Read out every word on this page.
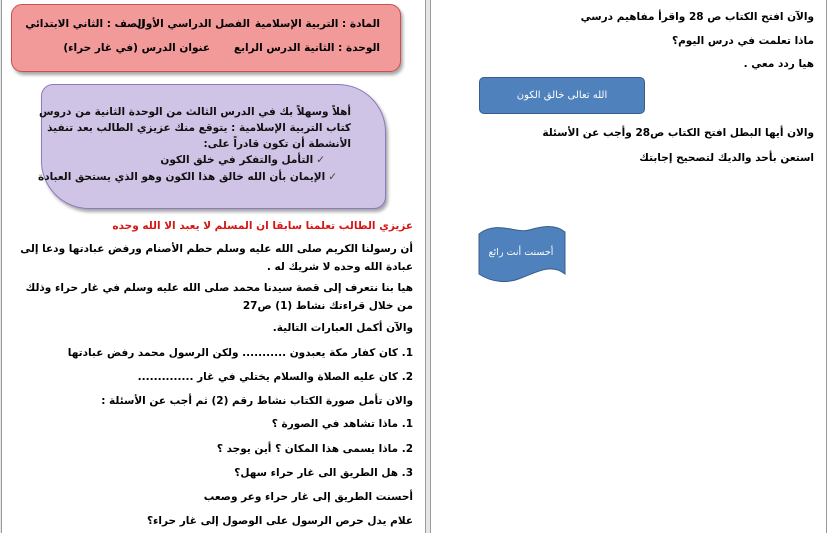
المادة : التربية الإسلامية
الفصل الدراسي الأول
الصف : الثاني الابتدائي
الوحدة : الثانية الدرس الرابع
عنوان الدرس (في غار حراء)
أهلاً وسهلاً بك في الدرس الثالث من الوحدة الثانية من دروس
كتاب التربية الإسلامية : يتوقع منك عزيزي الطالب بعد تنفيذ
الأنشطة أن تكون قادراً على:
✓التأمل والتفكر في خلق الكون
✓الإيمان بأن الله خالق هذا الكون وهو الذي يستحق العبادة
عزيزي الطالب تعلمنا سابقا ان المسلم لا يعبد الا الله وحده
أن رسولنا الكريم صلى الله عليه وسلم حطم الأصنام ورفض عبادتها ودعا إلى عبادة الله وحده لا شريك له .
هيا بنا نتعرف إلى قصة سيدنا محمد صلى الله عليه وسلم في غار حراء وذلك من خلال قراءتك نشاط (1) ص27
والآن أكمل العبارات التالية.
1. كان كفار مكة يعبدون ........... ولكن الرسول محمد رفض عبادتها
2. كان عليه الصلاة والسلام يختلي في غار ..............
والان تأمل صورة الكتاب نشاط رقم (2) ثم أجب عن الأسئلة :
1. ماذا تشاهد في الصورة ؟
2. ماذا يسمى هذا المكان ؟ أين يوجد ؟
3. هل الطريق الى غار حراء سهل؟
أحسنت الطريق إلى غار حراء وعر وصعب
علام يدل حرص الرسول على الوصول إلى غار حراء؟
والآن افتح الكتاب ص 28 واقرأ مفاهيم درسي
ماذا تعلمت في درس اليوم؟
هيا ردد معي .
الله تعالى خالق الكون
والان أيها البطل افتح الكتاب ص28 وأجب عن الأسئلة
استعن بأحد والديك لتصحيح إجابتك
أحسنت أنت رائع
